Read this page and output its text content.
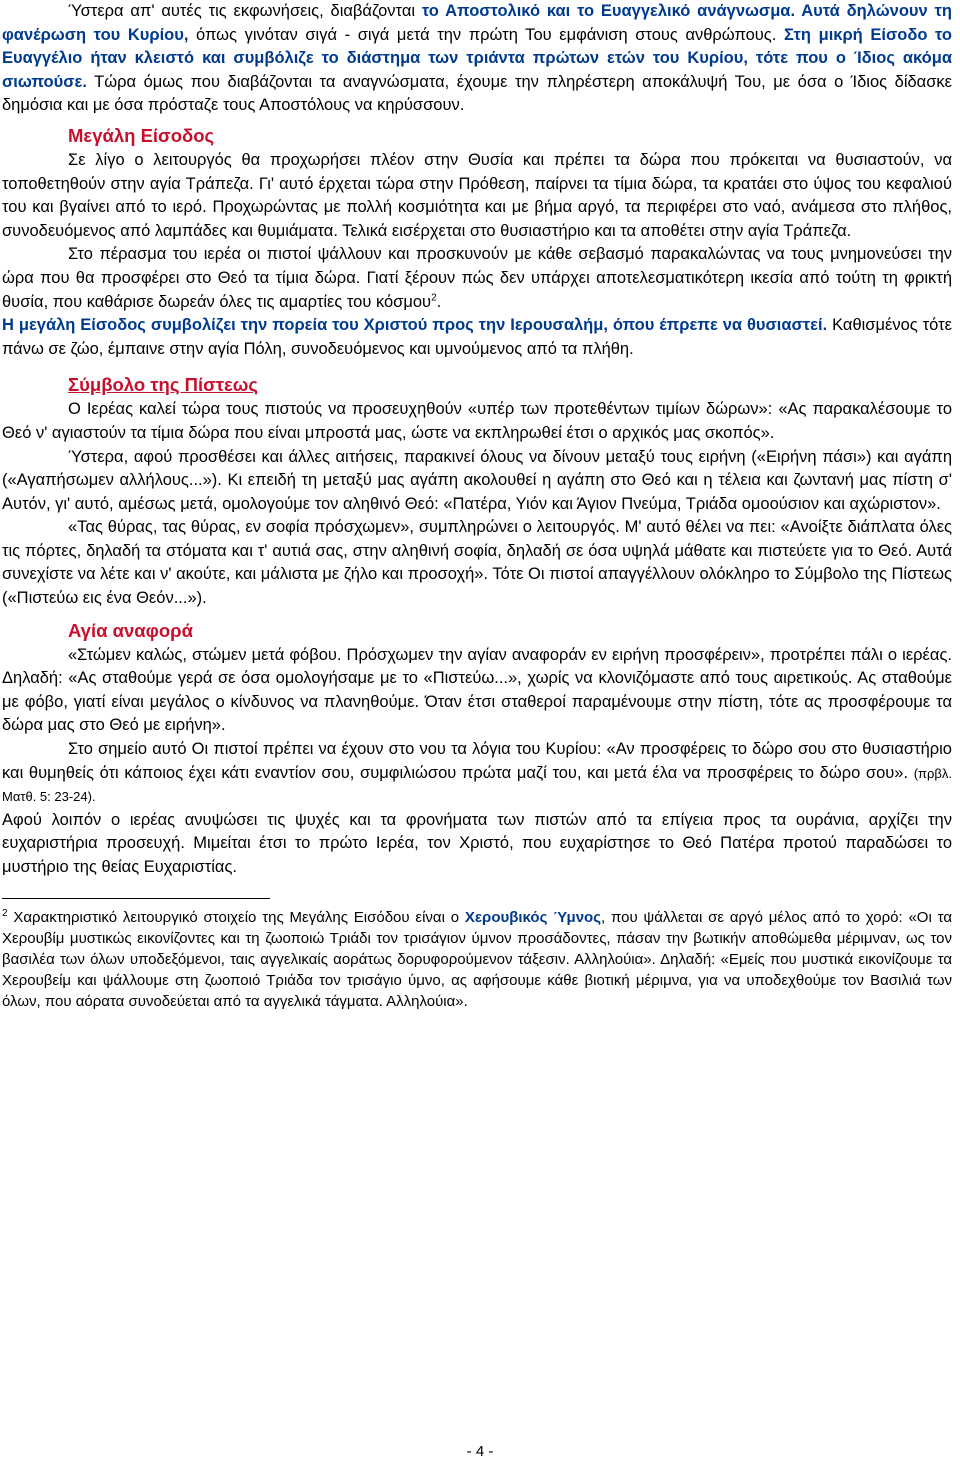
Ύστερα απ' αυτές τις εκφωνήσεις, διαβάζονται το Αποστολικό και το Ευαγγελικό ανάγνωσμα. Αυτά δηλώνουν τη φανέρωση του Κυρίου, όπως γινόταν σιγά - σιγά μετά την πρώτη Του εμφάνιση στους ανθρώπους. Στη μικρή Είσοδο το Ευαγγέλιο ήταν κλειστό και συμβόλιζε το διάστημα των τριάντα πρώτων ετών του Κυρίου, τότε που ο Ίδιος ακόμα σιωπούσε. Τώρα όμως που διαβάζονται τα αναγνώσματα, έχουμε την πληρέστερη αποκάλυψή Του, με όσα ο Ίδιος δίδασκε δημόσια και με όσα πρόσταζε τους Αποστόλους να κηρύσσουν.

Μεγάλη Είσοδος

Σε λίγο ο λειτουργός θα προχωρήσει πλέον στην Θυσία και πρέπει τα δώρα που πρόκειται να θυσιαστούν, να τοποθετηθούν στην αγία Τράπεζα. Γι' αυτό έρχεται τώρα στην Πρόθεση, παίρνει τα τίμια δώρα, τα κρατάει στο ύψος του κεφαλιού του και βγαίνει από το ιερό. Προχωρώντας με πολλή κοσμιότητα και με βήμα αργό, τα περιφέρει στο ναό, ανάμεσα στο πλήθος, συνοδευόμενος από λαμπάδες και θυμιάματα. Τελικά εισέρχεται στο θυσιαστήριο και τα αποθέτει στην αγία Τράπεζα.

Στο πέρασμα του ιερέα οι πιστοί ψάλλουν και προσκυνούν με κάθε σεβασμό παρακαλώντας να τους μνημονεύσει την ώρα που θα προσφέρει στο Θεό τα τίμια δώρα. Γιατί ξέρουν πώς δεν υπάρχει αποτελεσματικότερη ικεσία από τούτη τη φρικτή θυσία, που καθάρισε δωρεάν όλες τις αμαρτίες του κόσμου$^2$.

Η μεγάλη Είσοδος συμβολίζει την πορεία του Χριστού προς την Ιερουσαλήμ, όπου έπρεπε να θυσιαστεί. Καθισμένος τότε πάνω σε ζώο, έμπαινε στην αγία Πόλη, συνοδευόμενος και υμνούμενος από τα πλήθη.

Σύμβολο της Πίστεως

Ο Ιερέας καλεί τώρα τους πιστούς να προσευχηθούν «υπέρ των προτεθέντων τιμίων δώρων»: «Ας παρακαλέσουμε το Θεό ν' αγιαστούν τα τίμια δώρα που είναι μπροστά μας, ώστε να εκπληρωθεί έτσι ο αρχικός μας σκοπός».

Ύστερα, αφού προσθέσει και άλλες αιτήσεις, παρακινεί όλους να δίνουν μεταξύ τους ειρήνη («Ειρήνη πάσι») και αγάπη («Αγαπήσωμεν αλλήλους...»). Κι επειδή τη μεταξύ μας αγάπη ακολουθεί η αγάπη στο Θεό και η τέλεια και ζωντανή μας πίστη σ' Αυτόν, γι' αυτό, αμέσως μετά, ομολογούμε τον αληθινό Θεό: «Πατέρα, Υιόν και Άγιον Πνεύμα, Τριάδα ομοούσιον και αχώριστον».

«Τας θύρας, τας θύρας, εν σοφία πρόσχωμεν», συμπληρώνει ο λειτουργός. Μ' αυτό θέλει να πει: «Ανοίξτε διάπλατα όλες τις πόρτες, δηλαδή τα στόματα και τ' αυτιά σας, στην αληθινή σοφία, δηλαδή σε όσα υψηλά μάθατε και πιστεύετε για το Θεό. Αυτά συνεχίστε να λέτε και ν' ακούτε, και μάλιστα με ζήλο και προσοχή». Τότε Οι πιστοί απαγγέλλουν ολόκληρο το Σύμβολο της Πίστεως («Πιστεύω εις ένα Θεόν...»).

Αγία αναφορά

«Στώμεν καλώς, στώμεν μετά φόβου. Πρόσχωμεν την αγίαν αναφοράν εν ειρήνη προσφέρειν», προτρέπει πάλι ο ιερέας. Δηλαδή: «Ας σταθούμε γερά σε όσα ομολογήσαμε με το «Πιστεύω...», χωρίς να κλονιζόμαστε από τους αιρετικούς. Ας σταθούμε με φόβο, γιατί είναι μεγάλος ο κίνδυνος να πλανηθούμε. Όταν έτσι σταθερoί παραμένουμε στην πίστη, τότε ας προσφέρουμε τα δώρα μας στο Θεό με ειρήνη».

Στο σημείο αυτό Οι πιστοί πρέπει να έχουν στο νου τα λόγια του Κυρίου: «Αν προσφέρεις το δώρο σου στο θυσιαστήριο και θυμηθείς ότι κάποιος έχει κάτι εναντίον σου, συμφιλιώσου πρώτα μαζί του, και μετά έλα να προσφέρεις το δώρο σου». (πρβλ. Ματθ. 5: 23-24).

Αφού λοιπόν ο ιερέας ανυψώσει τις ψυχές και τα φρονήματα των πιστών από τα επίγεια προς τα ουράνια, αρχίζει την ευχαριστήρια προσευχή. Μιμείται έτσι το πρώτο Ιερέα, τον Χριστό, που ευχαρίστησε το Θεό Πατέρα προτού παραδώσει το μυστήριο της θείας Ευχαριστίας.

$^2$ Χαρακτηριστικό λειτουργικό στοιχείο της Μεγάλης Εισόδου είναι ο Χερουβικός Ύμνος, που ψάλλεται σε αργό μέλος από το χορό: «Οι τα Χερουβίμ μυστικώς εικονίζοντες και τη ζωοποιώ Τριάδι τον τρισάγιον ύμνον προσάδοντες, πάσαν την βωτικήν αποθώμεθα μέριμναν, ως τον βασιλέα των όλων υποδεξόμενοι, ταις αγγελικαίς αοράτως δορυφορούμενον τάξεσιν. Αλληλούια». Δηλαδή: «Εμείς που μυστικά εικονίζουμε τα Χερουβείμ και ψάλλουμε στη ζωοποιό Τριάδα τον τρισάγιο ύμνο, ας αφήσουμε κάθε βιοτική μέριμνα, για να υποδεχθούμε τον Βασιλιά των όλων, που αόρατα συνοδεύεται από τα αγγελικά τάγματα. Αλληλούια».

- 4 -
